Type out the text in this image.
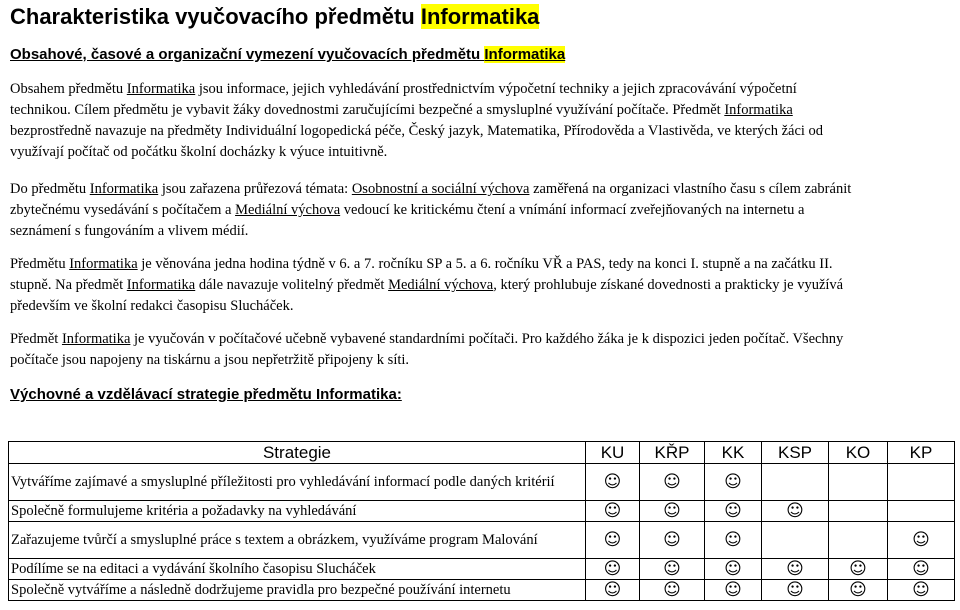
Charakteristika vyučovacího předmětu Informatika
Obsahové, časové a organizační vymezení vyučovacích předmětu Informatika
Obsahem předmětu Informatika jsou informace, jejich vyhledávání prostřednictvím výpočetní techniky a jejich zpracovávání výpočetní
technikou. Cílem předmětu je vybavit žáky dovednostmi zaručujícími bezpečné a smysluplné využívání počítače. Předmět Informatika
bezprostředně navazuje na předměty Individuální logopedická péče, Český jazyk, Matematika, Přírodověda a Vlastivěda, ve kterých žáci od
využívají počítač od počátku školní docházky k výuce intuitivně.
Do předmětu Informatika jsou zařazena průřezová témata: Osobnostní a sociální výchova zaměřená na organizaci vlastního času s cílem zabránit
zbytečnému vysedávání s počítačem a Mediální výchova vedoucí ke kritickému čtení a vnímání informací zveřejňovaných na internetu a
seznámení s fungováním a vlivem médií.
Předmětu Informatika je věnována jedna hodina týdně v 6. a 7. ročníku SP a 5. a 6. ročníku VŘ a PAS, tedy na konci I. stupně a na začátku II.
stupně. Na předmět Informatika dále navazuje volitelný předmět Mediální výchova, který prohlubuje získané dovednosti a prakticky je využívá
především ve školní redakci časopisu Slucháček.
Předmět Informatika je vyučován v počítačové učebně vybavené standardními počítači. Pro každého žáka je k dispozici jeden počítač. Všechny
počítače jsou napojeny na tiskárnu a jsou nepřetržitě připojeny k síti.
Výchovné a vzdělávací strategie předmětu Informatika:
Strategie	KU	KŘP	KK	KSP	KO	KP
Vytváříme zajímavé a smysluplné příležitosti pro vyhledávání informací podle daných kritérií	☺	☺	☺			
Společně formulujeme kritéria a požadavky na vyhledávání	☺	☺	☺	☺		
Zařazujeme tvůrčí a smysluplné práce s textem a obrázkem, využíváme program Malování	☺	☺	☺			☺
Podílíme se na editaci a vydávání školního časopisu Slucháček	☺	☺	☺	☺	☺	☺
Společně vytváříme a následně dodržujeme pravidla pro bezpečné používání internetu	☺	☺	☺	☺	☺	☺
